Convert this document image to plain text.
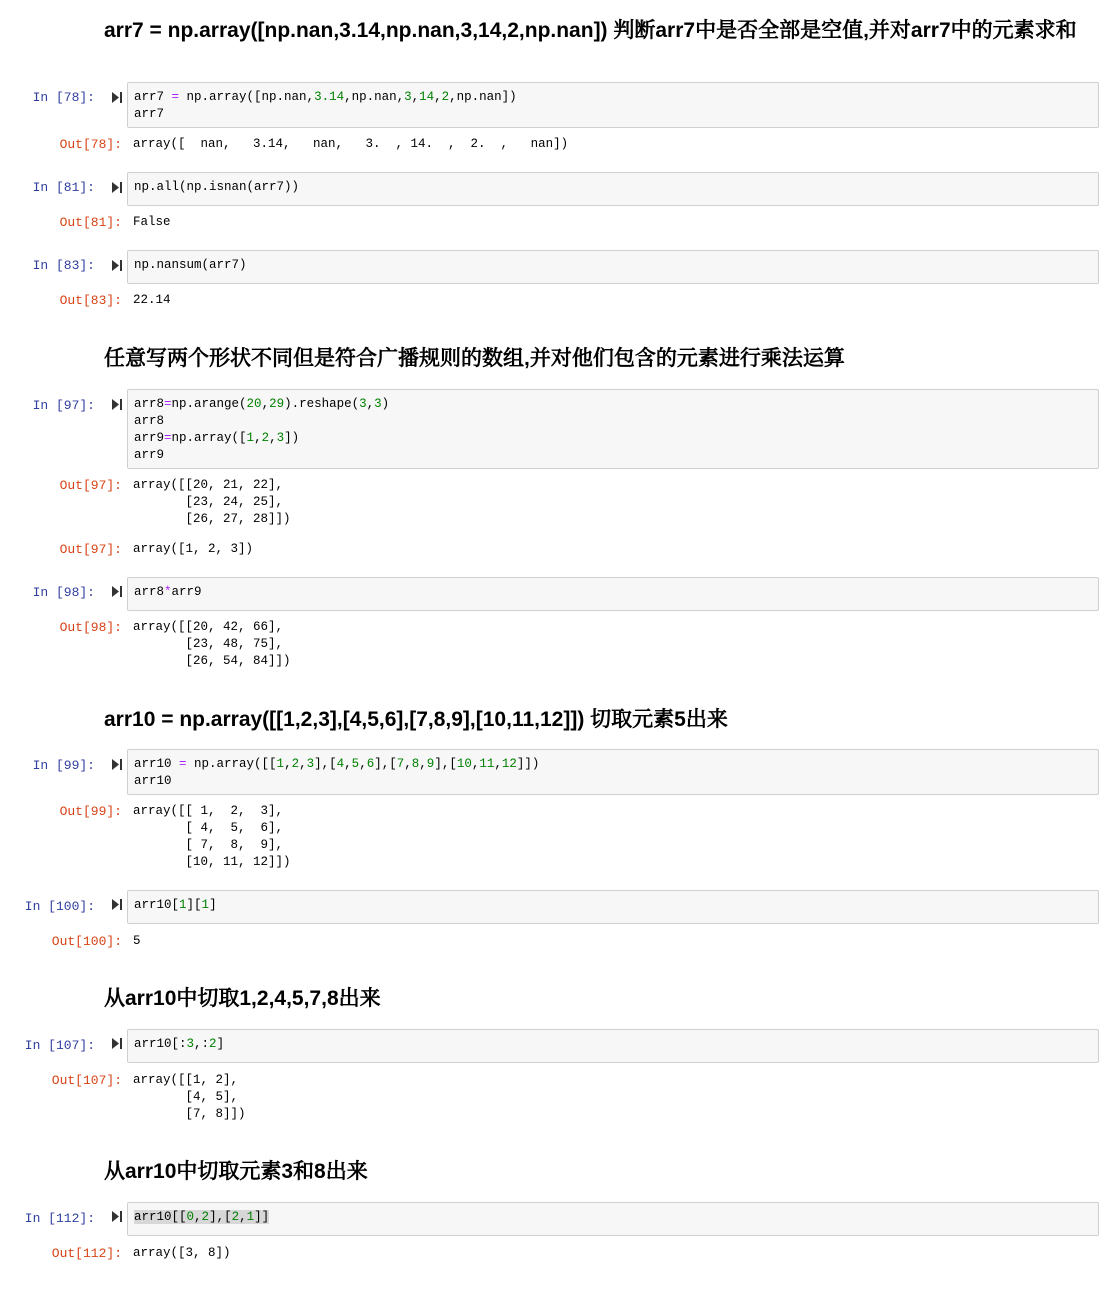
arr7 = np.array([np.nan,3.14,np.nan,3,14,2,np.nan]) 判断arr7中是否全部是空值,并对arr7中的元素求和
In [78]:	arr7 = np.array([np.nan,3.14,np.nan,3,14,2,np.nan])
arr7
Out[78]: array([  nan,   3.14,   nan,   3.  , 14.  ,  2.  ,   nan])
In [81]:	np.all(np.isnan(arr7))
Out[81]: False
In [83]:	np.nansum(arr7)
Out[83]: 22.14
任意写两个形状不同但是符合广播规则的数组,并对他们包含的元素进行乘法运算
In [97]:	arr8=np.arange(20,29).reshape(3,3)
arr8
arr9=np.array([1,2,3])
arr9
Out[97]: array([[20, 21, 22],
[23, 24, 25],
[26, 27, 28]])
Out[97]: array([1, 2, 3])
In [98]:	arr8*arr9
Out[98]: array([[20, 42, 66],
[23, 48, 75],
[26, 54, 84]])
arr10 = np.array([[1,2,3],[4,5,6],[7,8,9],[10,11,12]]) 切取元素5出来
In [99]:	arr10 = np.array([[1,2,3],[4,5,6],[7,8,9],[10,11,12]])
arr10
Out[99]: array([[ 1,  2,  3],
[ 4,  5,  6],
[ 7,  8,  9],
[10, 11, 12]])
In [100]:	arr10[1][1]
Out[100]: 5
从arr10中切取1,2,4,5,7,8出来
In [107]:	arr10[:3,:2]
Out[107]: array([[1, 2],
[4, 5],
[7, 8]])
从arr10中切取元素3和8出来
In [112]:	arr10[[0,2],[2,1]]
Out[112]: array([3, 8])
